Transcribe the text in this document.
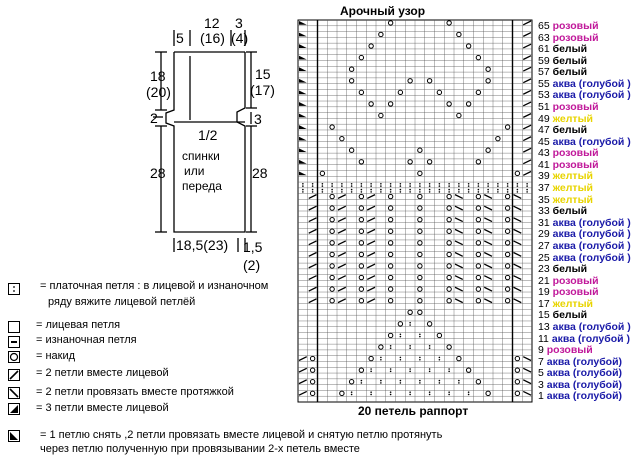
5
12
(16)
3
(4)
18
(20)
2
28
15
(17)
3
28
1/2
спинки
или
переда
18,5(23) 1,5
(2)
= платочная петля : в лицевой и изнаночном
ряду вяжите лицевой петлёй
= лицевая петля
= изнаночная петля
= накид
= 2 петли вместе лицевой
= 2 петли провязать вместе протяжкой
= 3 петли вместе лицевой
= 1 петлю снять ,2 петли провязать вместе лицевой и снятую петлю протянуть
через петлю полученную при провязывании 2-х петель вместе
Арочный узор
20 петель раппорт
65 розовый
63 розовый
61 белый
59 белый
57 белый
55 аква (голубой )
53 аква (голубой )
51 розовый
49 желтый
47 белый
45 аква (голубой )
43 розовый
41 розовый
39 желтый
37 желтый
35 желтый
33 белый
31 аква (голубой )
29 аква (голубой )
27 аква (голубой )
25 аква (голубой )
23 белый
21 розовый
19 розовый
17 желтый
15 белый
13 аква (голубой )
11 аква (голубой )
9 розовый
7 аква (голубой)
5 аква (голубой)
3 аква (голубой)
1 аква (голубой)
